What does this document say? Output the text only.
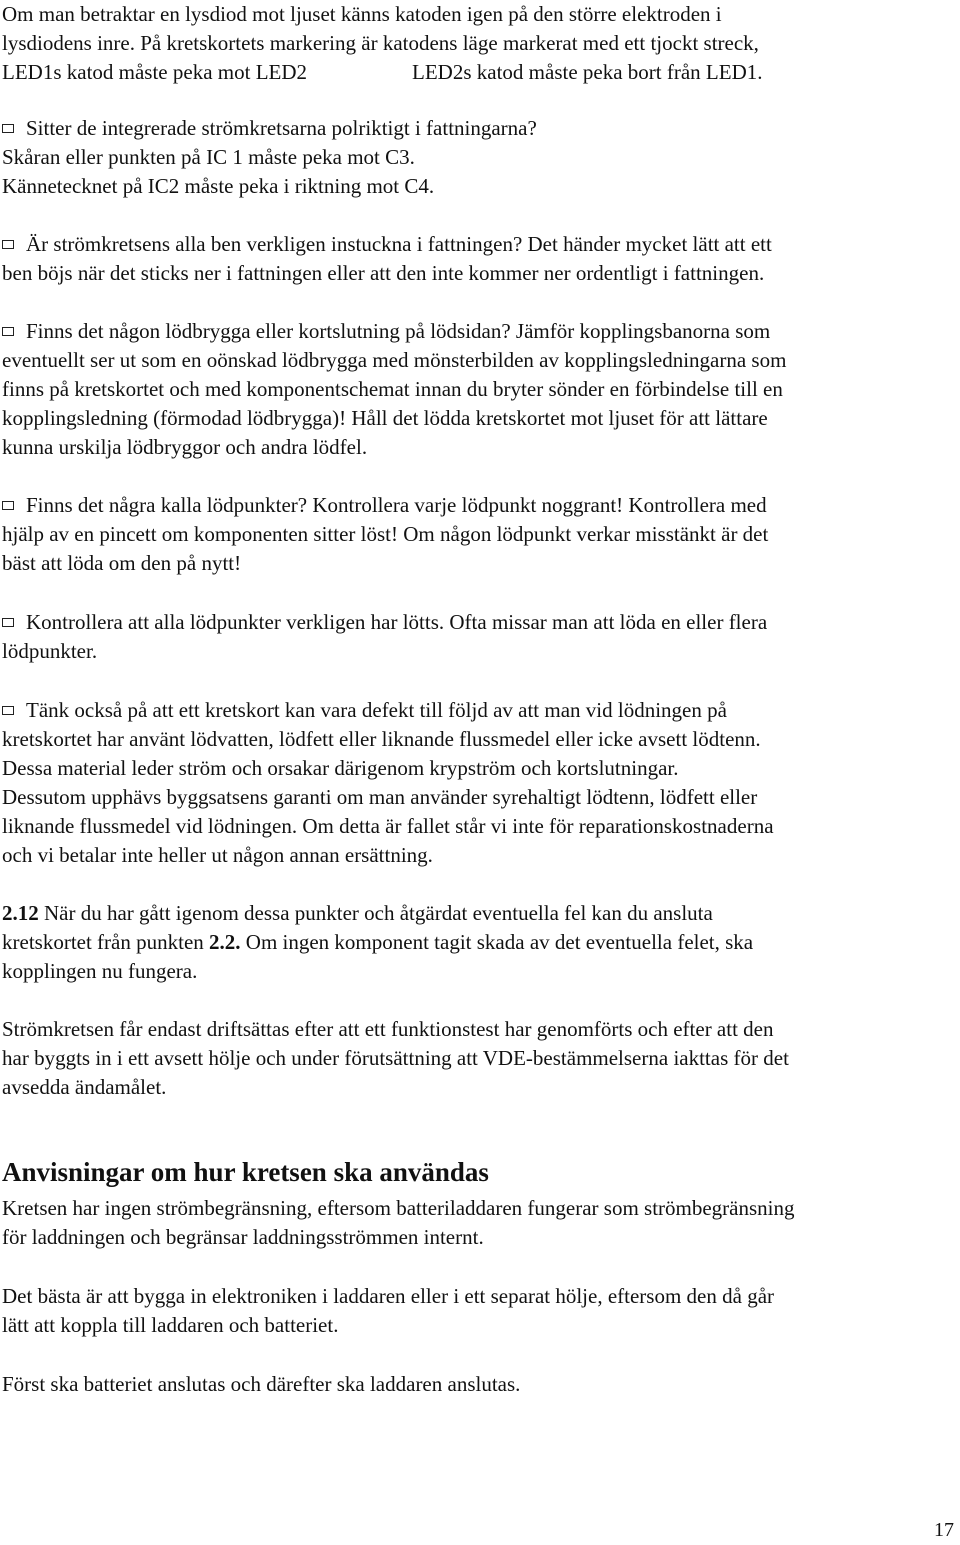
Om man betraktar en lysdiod mot ljuset känns katoden igen på den större elektroden i
lysdiodens inre. På kretskortets markering är katodens läge markerat med ett tjockt streck,
LED1s katod måste peka mot LED2	LED2s katod måste peka bort från LED1.
Sitter de integrerade strömkretsarna polriktigt i fattningarna?
Skåran eller punkten på IC 1 måste peka mot C3.
Kännetecknet på IC2 måste peka i riktning mot C4.
Är strömkretsens alla ben verkligen instuckna i fattningen? Det händer mycket lätt att ett
ben böjs när det sticks ner i fattningen eller att den inte kommer ner ordentligt i fattningen.
Finns det någon lödbrygga eller kortslutning på lödsidan? Jämför kopplingsbanorna som
eventuellt ser ut som en oönskad lödbrygga med mönsterbilden av kopplingsledningarna som
finns på kretskortet och med komponentschemat innan du bryter sönder en förbindelse till en
kopplingsledning (förmodad lödbrygga)! Håll det lödda kretskortet mot ljuset för att lättare
kunna urskilja lödbryggor och andra lödfel.
Finns det några kalla lödpunkter? Kontrollera varje lödpunkt noggrant! Kontrollera med
hjälp av en pincett om komponenten sitter löst! Om någon lödpunkt verkar misstänkt är det
bäst att löda om den på nytt!
Kontrollera att alla lödpunkter verkligen har lötts. Ofta missar man att löda en eller flera
lödpunkter.
Tänk också på att ett kretskort kan vara defekt till följd av att man vid lödningen på
kretskortet har använt lödvatten, lödfett eller liknande flussmedel eller icke avsett lödtenn.
Dessa material leder ström och orsakar därigenom krypström och kortslutningar.
Dessutom upphävs byggsatsens garanti om man använder syrehaltigt lödtenn, lödfett eller
liknande flussmedel vid lödningen. Om detta är fallet står vi inte för reparationskostnaderna
och vi betalar inte heller ut någon annan ersättning.
2.12 När du har gått igenom dessa punkter och åtgärdat eventuella fel kan du ansluta
kretskortet från punkten 2.2. Om ingen komponent tagit skada av det eventuella felet, ska
kopplingen nu fungera.
Strömkretsen får endast driftsättas efter att ett funktionstest har genomförts och efter att den
har byggts in i ett avsett hölje och under förutsättning att VDE-bestämmelserna iakttas för det
avsedda ändamålet.
Anvisningar om hur kretsen ska användas
Kretsen har ingen strömbegränsning, eftersom batteriladdaren fungerar som strömbegränsning
för laddningen och begränsar laddningsströmmen internt.
Det bästa är att bygga in elektroniken i laddaren eller i ett separat hölje, eftersom den då går
lätt att koppla till laddaren och batteriet.
Först ska batteriet anslutas och därefter ska laddaren anslutas.
17
